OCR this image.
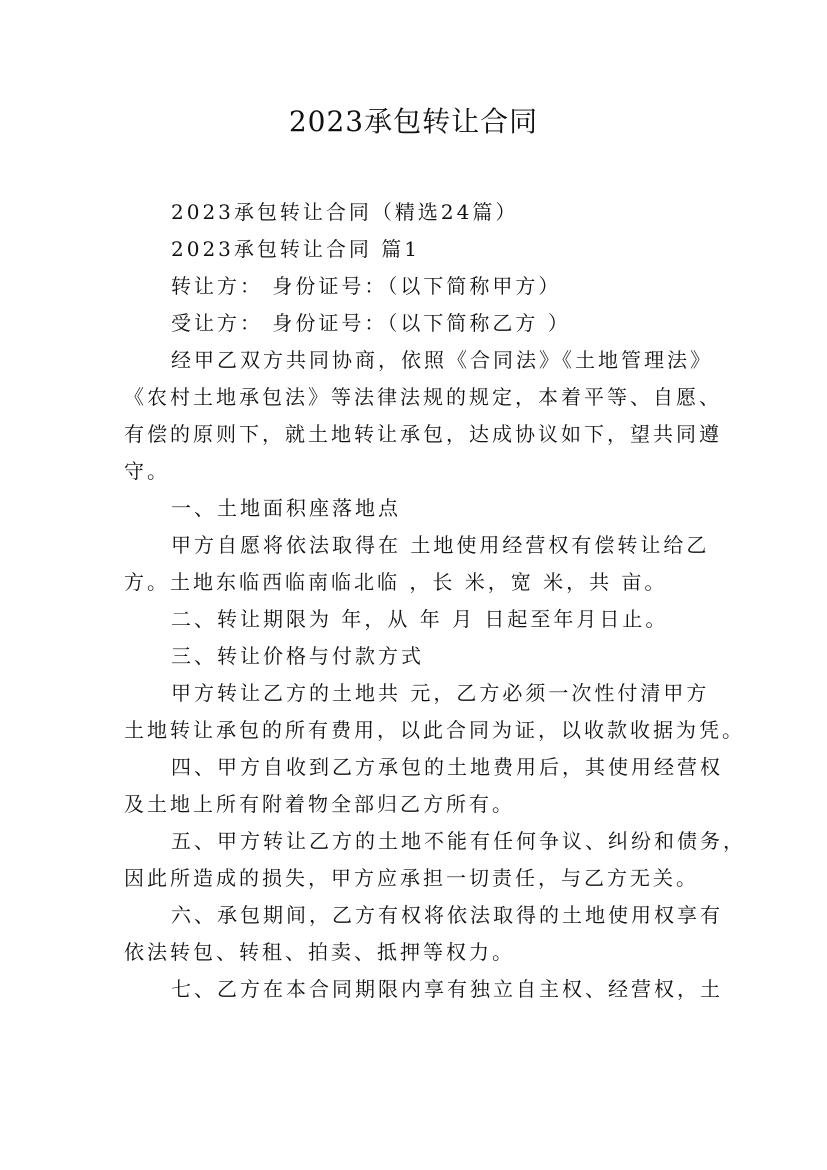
2023承包转让合同
2023承包转让合同（精选24篇）
2023承包转让合同 篇1
转让方： 身份证号：（以下简称甲方）
受让方： 身份证号：（以下简称乙方 ）
经甲乙双方共同协商，依照《合同法》《土地管理法》
《农村土地承包法》等法律法规的规定，本着平等、自愿、
有偿的原则下，就土地转让承包，达成协议如下，望共同遵
守。
一、土地面积座落地点
甲方自愿将依法取得在 土地使用经营权有偿转让给乙
方。土地东临西临南临北临 ，长 米，宽 米，共 亩。
二、转让期限为 年，从 年 月 日起至年月日止。
三、转让价格与付款方式
甲方转让乙方的土地共 元，乙方必须一次性付清甲方
土地转让承包的所有费用，以此合同为证，以收款收据为凭。
四、甲方自收到乙方承包的土地费用后，其使用经营权
及土地上所有附着物全部归乙方所有。
五、甲方转让乙方的土地不能有任何争议、纠纷和债务，
因此所造成的损失，甲方应承担一切责任，与乙方无关。
六、承包期间，乙方有权将依法取得的土地使用权享有
依法转包、转租、拍卖、抵押等权力。
七、乙方在本合同期限内享有独立自主权、经营权，土
